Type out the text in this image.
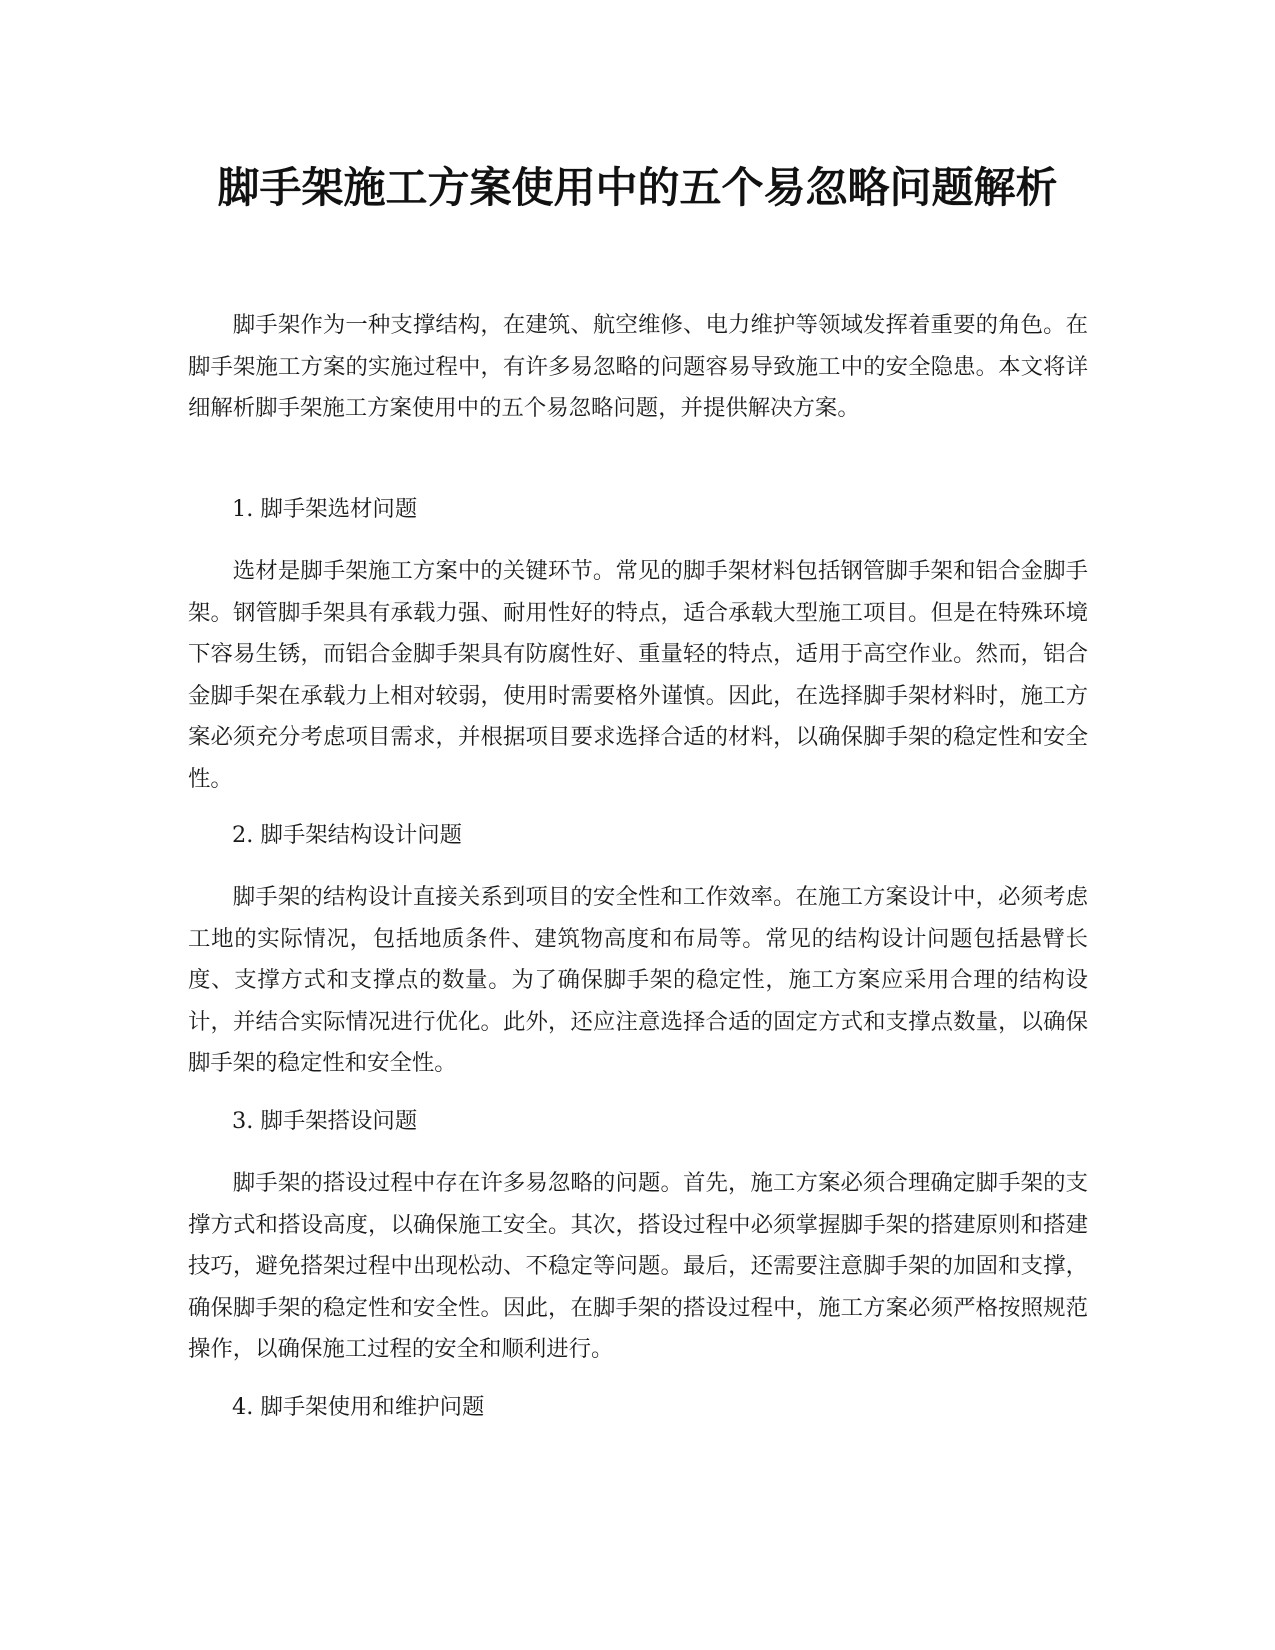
脚手架施工方案使用中的五个易忽略问题解析

脚手架作为一种支撑结构，在建筑、航空维修、电力维护等领域发挥着重要的角色。在脚手架施工方案的实施过程中，有许多易忽略的问题容易导致施工中的安全隐患。本文将详细解析脚手架施工方案使用中的五个易忽略问题，并提供解决方案。

1. 脚手架选材问题

选材是脚手架施工方案中的关键环节。常见的脚手架材料包括钢管脚手架和铝合金脚手架。钢管脚手架具有承载力强、耐用性好的特点，适合承载大型施工项目。但是在特殊环境下容易生锈，而铝合金脚手架具有防腐性好、重量轻的特点，适用于高空作业。然而，铝合金脚手架在承载力上相对较弱，使用时需要格外谨慎。因此，在选择脚手架材料时，施工方案必须充分考虑项目需求，并根据项目要求选择合适的材料，以确保脚手架的稳定性和安全性。

2. 脚手架结构设计问题

脚手架的结构设计直接关系到项目的安全性和工作效率。在施工方案设计中，必须考虑工地的实际情况，包括地质条件、建筑物高度和布局等。常见的结构设计问题包括悬臂长度、支撑方式和支撑点的数量。为了确保脚手架的稳定性，施工方案应采用合理的结构设计，并结合实际情况进行优化。此外，还应注意选择合适的固定方式和支撑点数量，以确保脚手架的稳定性和安全性。

3. 脚手架搭设问题

脚手架的搭设过程中存在许多易忽略的问题。首先，施工方案必须合理确定脚手架的支撑方式和搭设高度，以确保施工安全。其次，搭设过程中必须掌握脚手架的搭建原则和搭建技巧，避免搭架过程中出现松动、不稳定等问题。最后，还需要注意脚手架的加固和支撑，确保脚手架的稳定性和安全性。因此，在脚手架的搭设过程中，施工方案必须严格按照规范操作，以确保施工过程的安全和顺利进行。

4. 脚手架使用和维护问题
